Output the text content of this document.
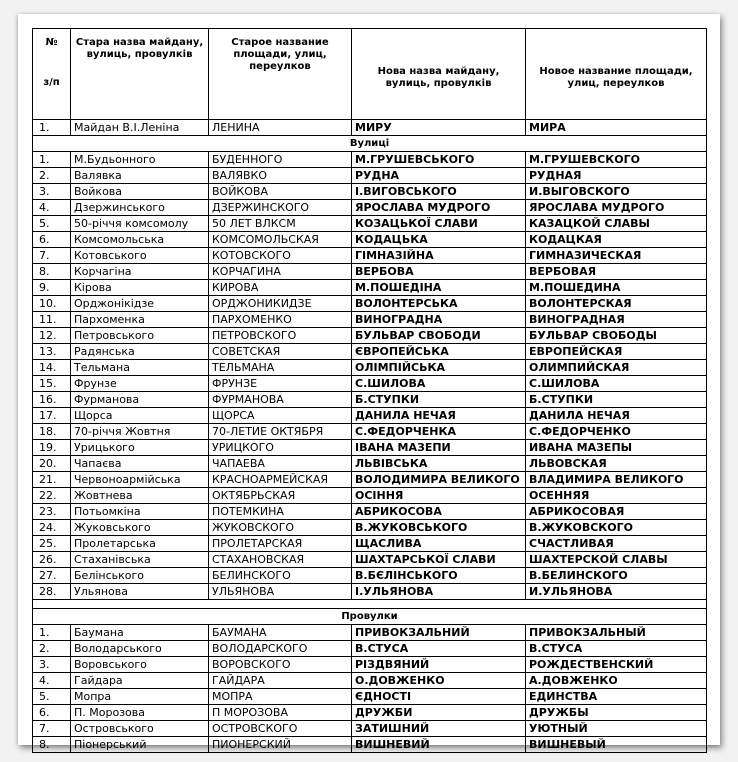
№
з/п	Стара назва майдану, вулиць, провулків	Старое название площади, улиц, переулков	Нова назва майдану, вулиць, провулків	Новое название площади, улиц, переулков
1.	Майдан В.І.Леніна	ЛЕНИНА	МИРУ	МИРА
Вулиці				
1.	М.Будьонного	БУДЕННОГО	М.ГРУШЕВСЬКОГО	М.ГРУШЕВСКОГО
2.	Валявка	ВАЛЯВКО	РУДНА	РУДНАЯ
3.	Войкова	ВОЙКОВА	І.ВИГОВСЬКОГО	И.ВЫГОВСКОГО
4.	Дзержинського	ДЗЕРЖИНСКОГО	ЯРОСЛАВА МУДРОГО	ЯРОСЛАВА МУДРОГО
5.	50-річчя комсомолу	50 ЛЕТ ВЛКСМ	КОЗАЦЬКОЇ СЛАВИ	КАЗАЦКОЙ СЛАВЫ
6.	Комсомольська	КОМСОМОЛЬСКАЯ	КОДАЦЬКА	КОДАЦКАЯ
7.	Котовського	КОТОВСКОГО	ГІМНАЗІЙНА	ГИМНАЗИЧЕСКАЯ
8.	Корчагіна	КОРЧАГИНА	ВЕРБОВА	ВЕРБОВАЯ
9.	Кірова	КИРОВА	М.ПОШЕДІНА	М.ПОШЕДИНА
10.	Орджонікідзе	ОРДЖОНИКИДЗЕ	ВОЛОНТЕРСЬКА	ВОЛОНТЕРСКАЯ
11.	Пархоменка	ПАРХОМЕНКО	ВИНОГРАДНА	ВИНОГРАДНАЯ
12.	Петровського	ПЕТРОВСКОГО	БУЛЬВАР СВОБОДИ	БУЛЬВАР СВОБОДЫ
13.	Радянська	СОВЕТСКАЯ	ЄВРОПЕЙСЬКА	ЕВРОПЕЙСКАЯ
14.	Тельмана	ТЕЛЬМАНА	ОЛІМПІЙСЬКА	ОЛИМПИЙСКАЯ
15.	Фрунзе	ФРУНЗЕ	С.ШИЛОВА	С.ШИЛОВА
16.	Фурманова	ФУРМАНОВА	Б.СТУПКИ	Б.СТУПКИ
17.	Щорса	ЩОРСА	ДАНИЛА НЕЧАЯ	ДАНИЛА НЕЧАЯ
18.	70-річчя Жовтня	70-ЛЕТИЕ ОКТЯБРЯ	С.ФЕДОРЧЕНКА	С.ФЕДОРЧЕНКО
19.	Урицького	УРИЦКОГО	ІВАНА МАЗЕПИ	ИВАНА МАЗЕПЫ
20.	Чапаєва	ЧАПАЕВА	ЛЬВІВСЬКА	ЛЬВОВСКАЯ
21.	Червоноармійська	КРАСНОАРМЕЙСКАЯ	ВОЛОДИМИРА ВЕЛИКОГО	ВЛАДИМИРА ВЕЛИКОГО
22.	Жовтнева	ОКТЯБРЬСКАЯ	ОСІННЯ	ОСЕННЯЯ
23.	Потьомкіна	ПОТЕМКИНА	АБРИКОСОВА	АБРИКОСОВАЯ
24.	Жуковського	ЖУКОВСКОГО	В.ЖУКОВСЬКОГО	В.ЖУКОВСКОГО
25.	Пролетарська	ПРОЛЕТАРСКАЯ	ЩАСЛИВА	СЧАСТЛИВАЯ
26.	Стаханівська	СТАХАНОВСКАЯ	ШАХТАРСЬКОЇ СЛАВИ	ШАХТЕРСКОЙ СЛАВЫ
27.	Белінського	БЕЛИНСКОГО	В.БЄЛІНСЬКОГО	В.БЕЛИНСКОГО
28.	Ульянова	УЛЬЯНОВА	І.УЛЬЯНОВА	И.УЛЬЯНОВА

Провулки				
1.	Баумана	БАУМАНА	ПРИВОКЗАЛЬНИЙ	ПРИВОКЗАЛЬНЫЙ
2.	Володарського	ВОЛОДАРСКОГО	В.СТУСА	В.СТУСА
3.	Воровського	ВОРОВСКОГО	РІЗДВЯНИЙ	РОЖДЕСТВЕНСКИЙ
4.	Гайдара	ГАЙДАРА	О.ДОВЖЕНКО	А.ДОВЖЕНКО
5.	Мопра	МОПРА	ЄДНОСТІ	ЕДИНСТВА
6.	П. Морозова	П МОРОЗОВА	ДРУЖБИ	ДРУЖБЫ
7.	Островського	ОСТРОВСКОГО	ЗАТИШНИЙ	УЮТНЫЙ
8.	Піонерський	ПИОНЕРСКИЙ	ВИШНЕВИЙ	ВИШНЕВЫЙ
